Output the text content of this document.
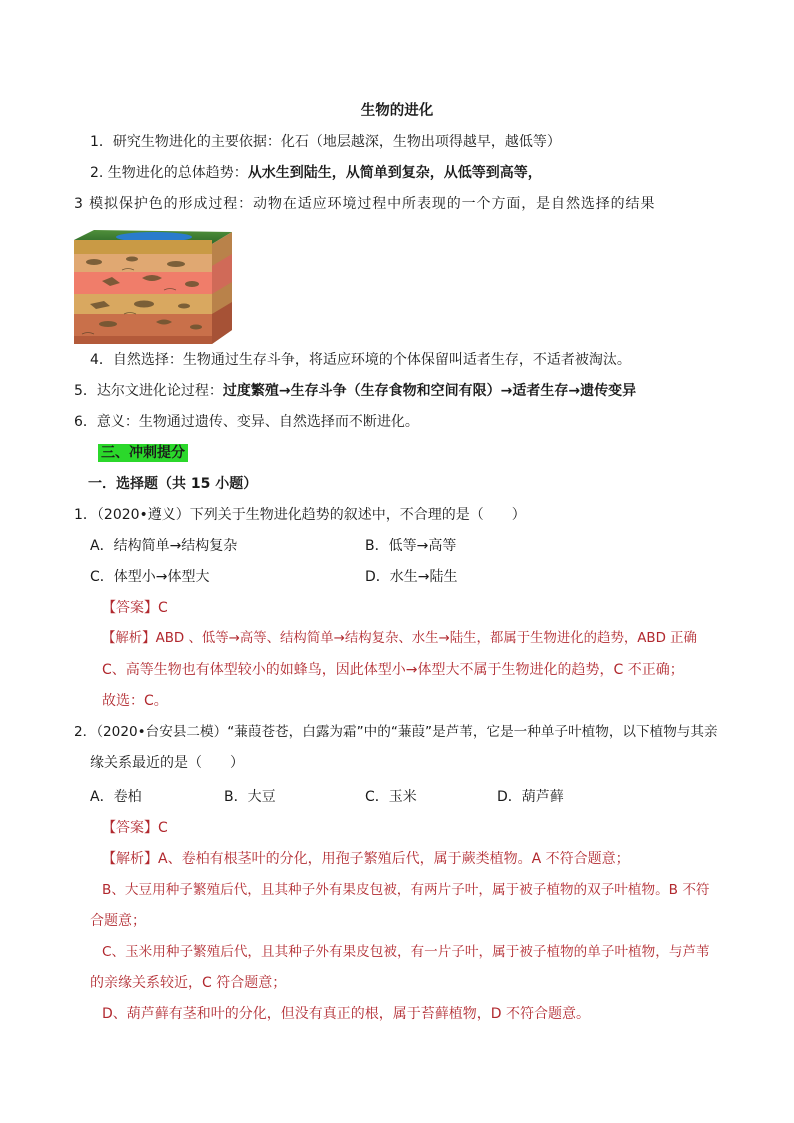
生物的进化
1．研究生物进化的主要依据：化石（地层越深，生物出项得越早，越低等）
2. 生物进化的总体趋势：从水生到陆生，从简单到复杂，从低等到高等，
3 模拟保护色的形成过程：动物在适应环境过程中所表现的一个方面，是自然选择的结果
4．自然选择：生物通过生存斗争，将适应环境的个体保留叫适者生存，不适者被淘汰。
5．达尔文进化论过程：过度繁殖→生存斗争（生存食物和空间有限）→适者生存→遗传变异
6．意义：生物通过遗传、变异、自然选择而不断进化。
三、冲刺提分
一．选择题（共 15 小题）
1．（2020•遵义）下列关于生物进化趋势的叙述中，不合理的是（　　）
A．结构简单→结构复杂	B．低等→高等
C．体型小→体型大	D．水生→陆生
【答案】C
【解析】ABD 、低等→高等、结构简单→结构复杂、水生→陆生，都属于生物进化的趋势，ABD 正确
C、高等生物也有体型较小的如蜂鸟，因此体型小→体型大不属于生物进化的趋势，C 不正确；
故选：C。
2．（2020•台安县二模）“蒹葭苍苍，白露为霜”中的“蒹葭”是芦苇，它是一种单子叶植物，以下植物与其亲
缘关系最近的是（　　）
A．卷柏	B．大豆	C．玉米	D．葫芦藓
【答案】C
【解析】A、卷柏有根茎叶的分化，用孢子繁殖后代，属于蕨类植物。A 不符合题意；
B、大豆用种子繁殖后代，且其种子外有果皮包被，有两片子叶，属于被子植物的双子叶植物。B 不符
合题意；
C、玉米用种子繁殖后代，且其种子外有果皮包被，有一片子叶，属于被子植物的单子叶植物，与芦苇
的亲缘关系较近，C 符合题意；
D、葫芦藓有茎和叶的分化，但没有真正的根，属于苔藓植物，D 不符合题意。
